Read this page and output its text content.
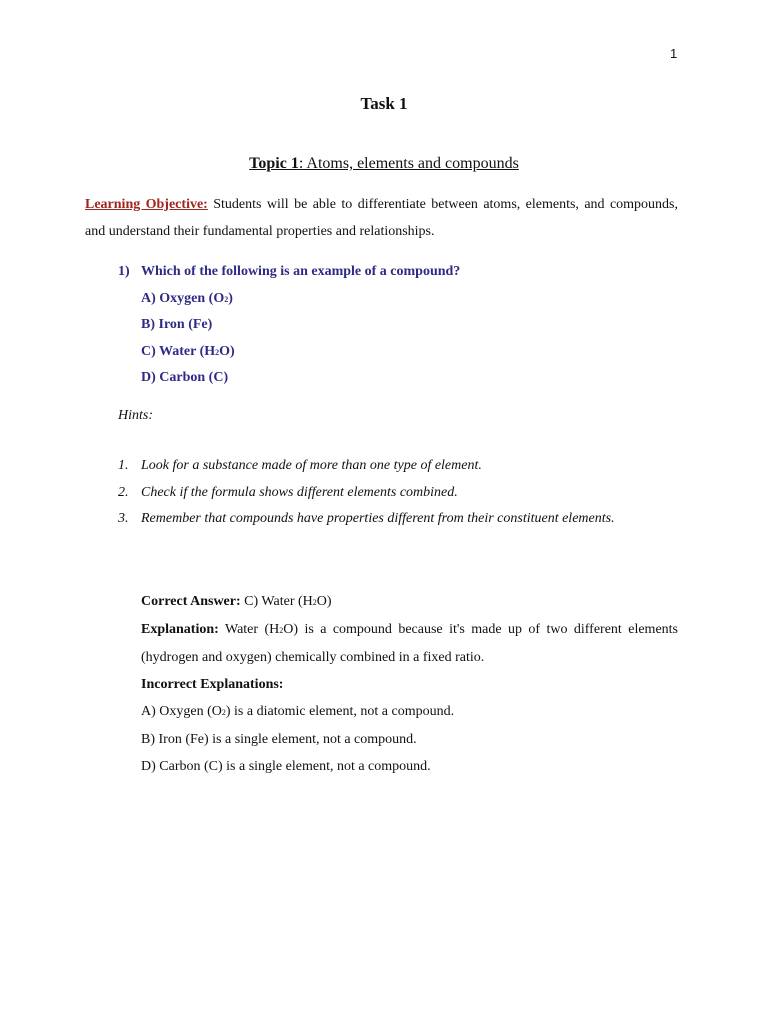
1
Task 1
Topic 1: Atoms, elements and compounds
Learning Objective: Students will be able to differentiate between atoms, elements, and compounds, and understand their fundamental properties and relationships.
1) Which of the following is an example of a compound?
A) Oxygen (O2)
B) Iron (Fe)
C) Water (H2O)
D) Carbon (C)
Hints:
1. Look for a substance made of more than one type of element.
2. Check if the formula shows different elements combined.
3. Remember that compounds have properties different from their constituent elements.
Correct Answer: C) Water (H2O)
Explanation: Water (H2O) is a compound because it's made up of two different elements (hydrogen and oxygen) chemically combined in a fixed ratio.
Incorrect Explanations:
A) Oxygen (O2) is a diatomic element, not a compound.
B) Iron (Fe) is a single element, not a compound.
D) Carbon (C) is a single element, not a compound.
